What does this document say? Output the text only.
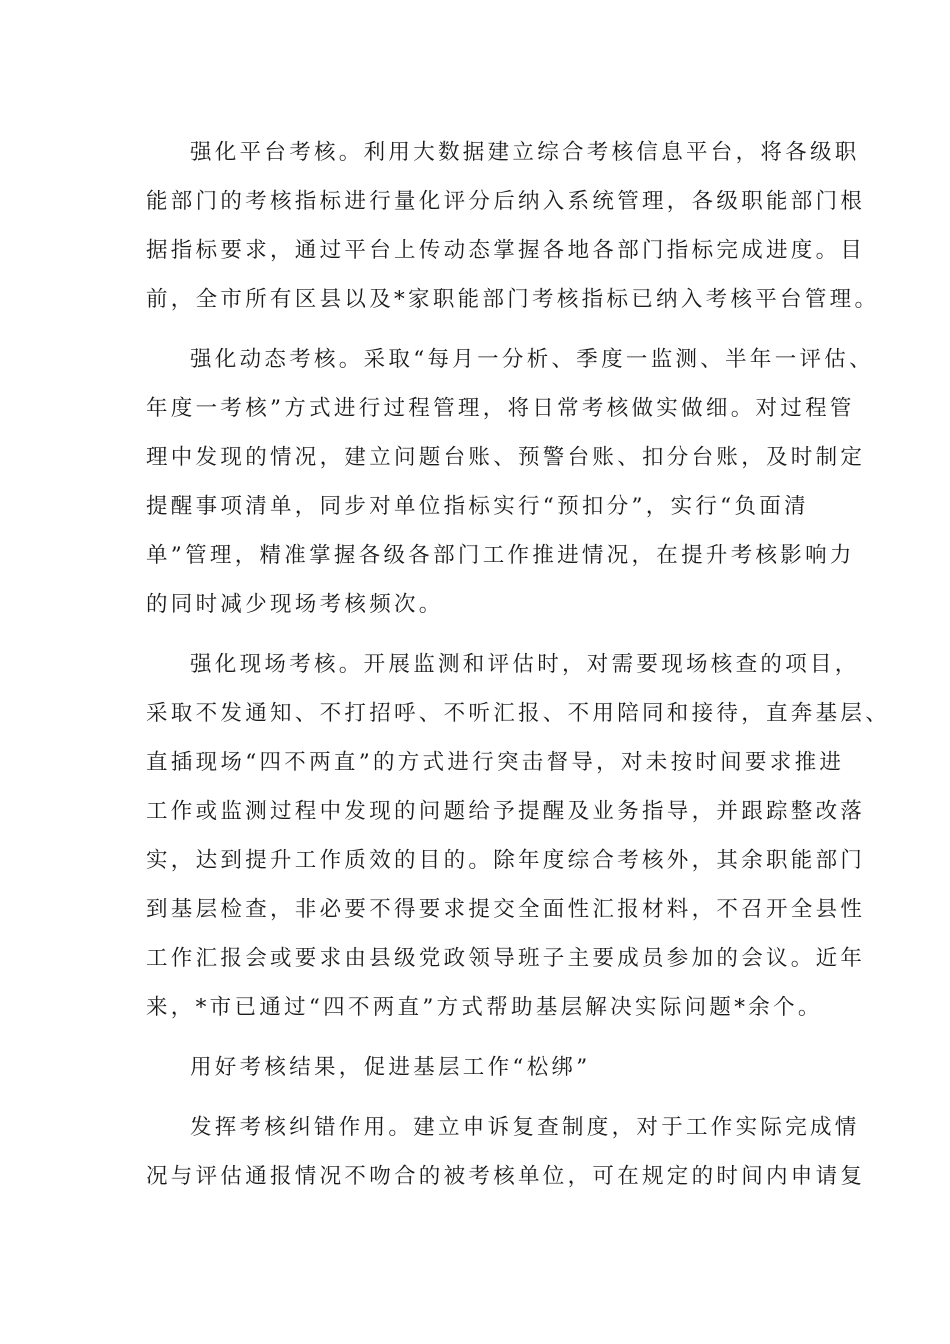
强化平台考核。利用大数据建立综合考核信息平台，将各级职
能部门的考核指标进行量化评分后纳入系统管理，各级职能部门根
据指标要求，通过平台上传动态掌握各地各部门指标完成进度。目
前，全市所有区县以及*家职能部门考核指标已纳入考核平台管理。
强化动态考核。采取“每月一分析、季度一监测、半年一评估、
年度一考核”方式进行过程管理，将日常考核做实做细。对过程管
理中发现的情况，建立问题台账、预警台账、扣分台账，及时制定
提醒事项清单，同步对单位指标实行“预扣分”，实行“负面清
单”管理，精准掌握各级各部门工作推进情况，在提升考核影响力
的同时减少现场考核频次。
强化现场考核。开展监测和评估时，对需要现场核查的项目，
采取不发通知、不打招呼、不听汇报、不用陪同和接待，直奔基层、
直插现场“四不两直”的方式进行突击督导，对未按时间要求推进
工作或监测过程中发现的问题给予提醒及业务指导，并跟踪整改落
实，达到提升工作质效的目的。除年度综合考核外，其余职能部门
到基层检查，非必要不得要求提交全面性汇报材料，不召开全县性
工作汇报会或要求由县级党政领导班子主要成员参加的会议。近年
来，*市已通过“四不两直”方式帮助基层解决实际问题*余个。
用好考核结果，促进基层工作“松绑”
发挥考核纠错作用。建立申诉复查制度，对于工作实际完成情
况与评估通报情况不吻合的被考核单位，可在规定的时间内申请复
